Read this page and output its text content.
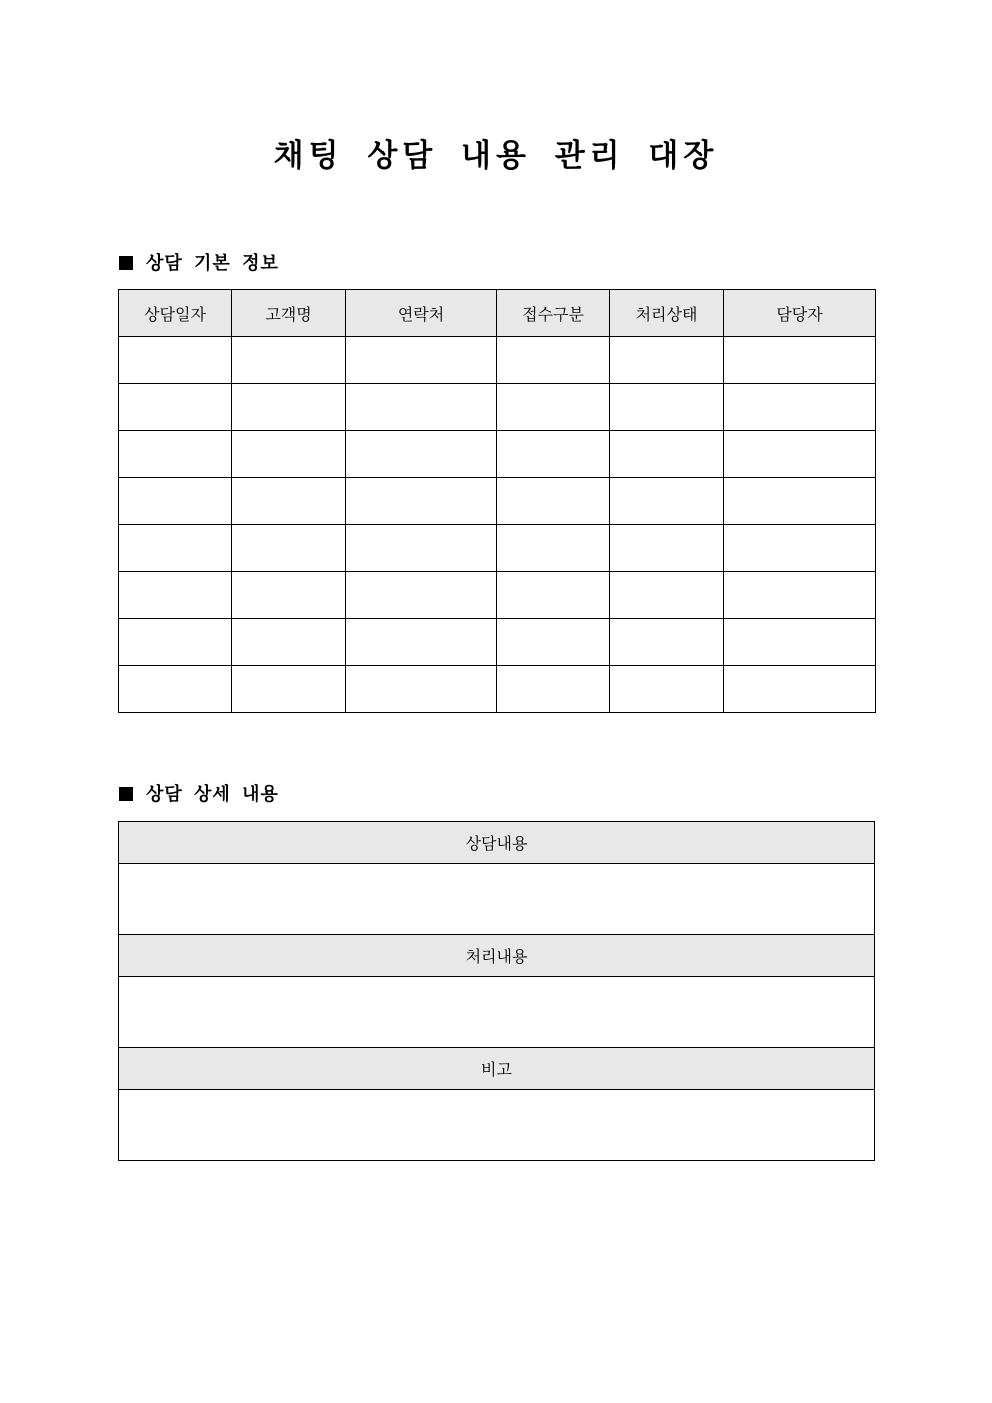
채팅 상담 내용 관리 대장
상담 기본 정보
상담일자	고객명	연락처	접수구분	처리상태	담당자

상담 상세 내용
상담내용

처리내용

비고
